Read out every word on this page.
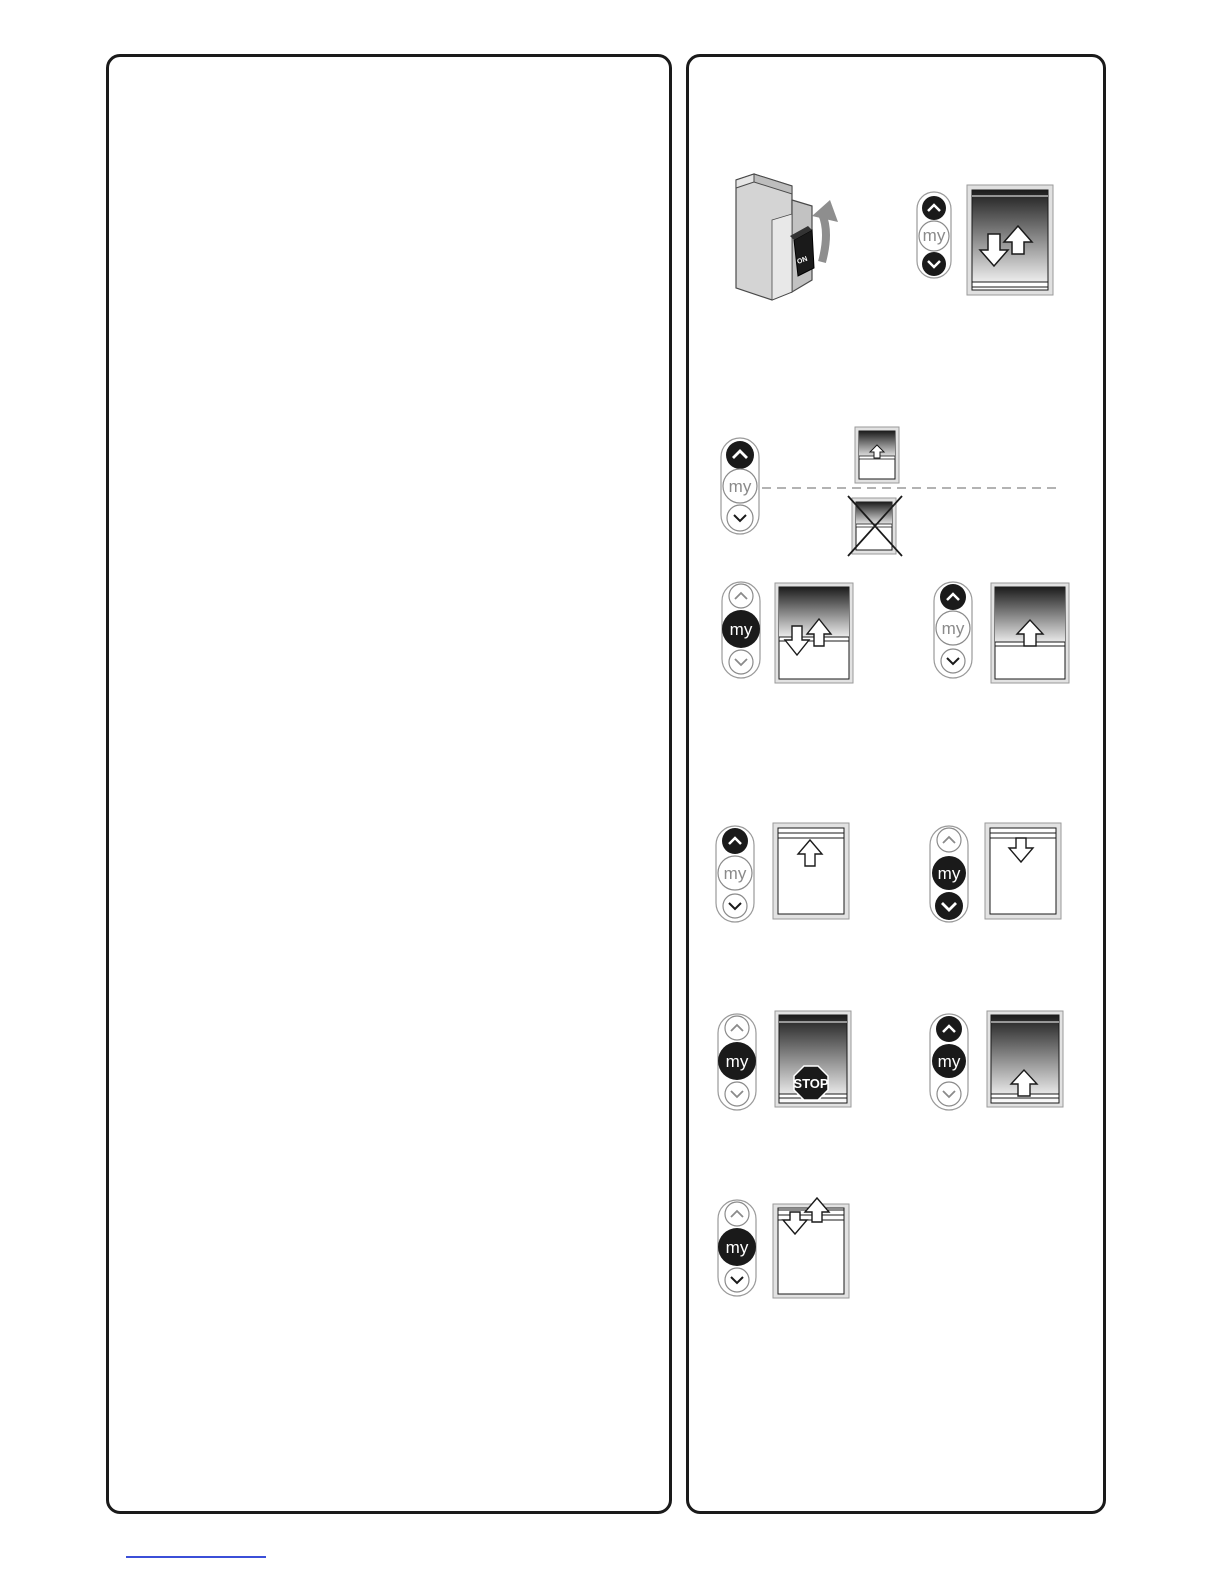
ON
my
my
my	my
my	my
my
STOP
my
my
